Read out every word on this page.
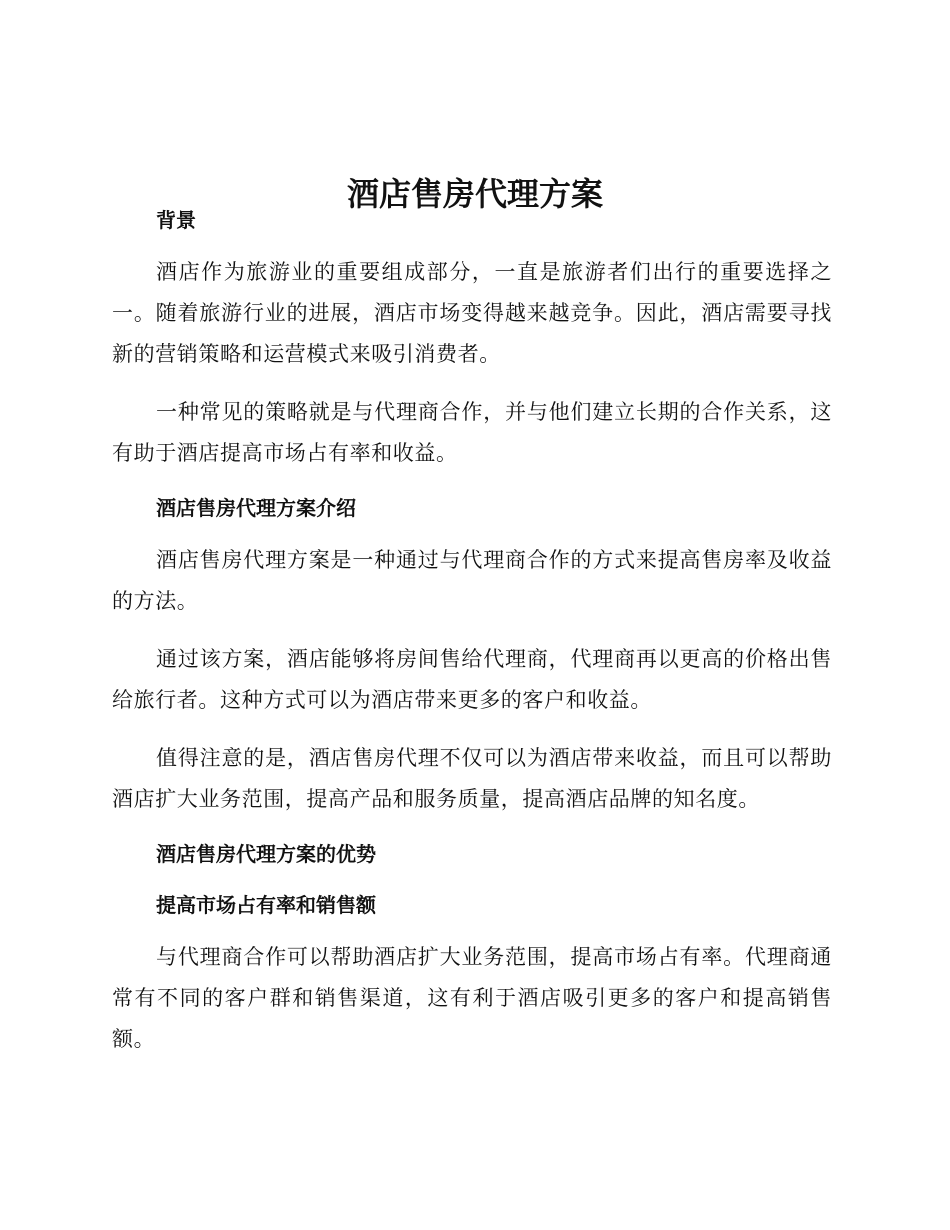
酒店售房代理方案
背景

酒店作为旅游业的重要组成部分，一直是旅游者们出行的重要选择之一。随着旅游行业的进展，酒店市场变得越来越竞争。因此，酒店需要寻找新的营销策略和运营模式来吸引消费者。

一种常见的策略就是与代理商合作，并与他们建立长期的合作关系，这有助于酒店提高市场占有率和收益。

酒店售房代理方案介绍

酒店售房代理方案是一种通过与代理商合作的方式来提高售房率及收益的方法。

通过该方案，酒店能够将房间售给代理商，代理商再以更高的价格出售给旅行者。这种方式可以为酒店带来更多的客户和收益。

值得注意的是，酒店售房代理不仅可以为酒店带来收益，而且可以帮助酒店扩大业务范围，提高产品和服务质量，提高酒店品牌的知名度。

酒店售房代理方案的优势
提高市场占有率和销售额

与代理商合作可以帮助酒店扩大业务范围，提高市场占有率。代理商通常有不同的客户群和销售渠道，这有利于酒店吸引更多的客户和提高销售额。
